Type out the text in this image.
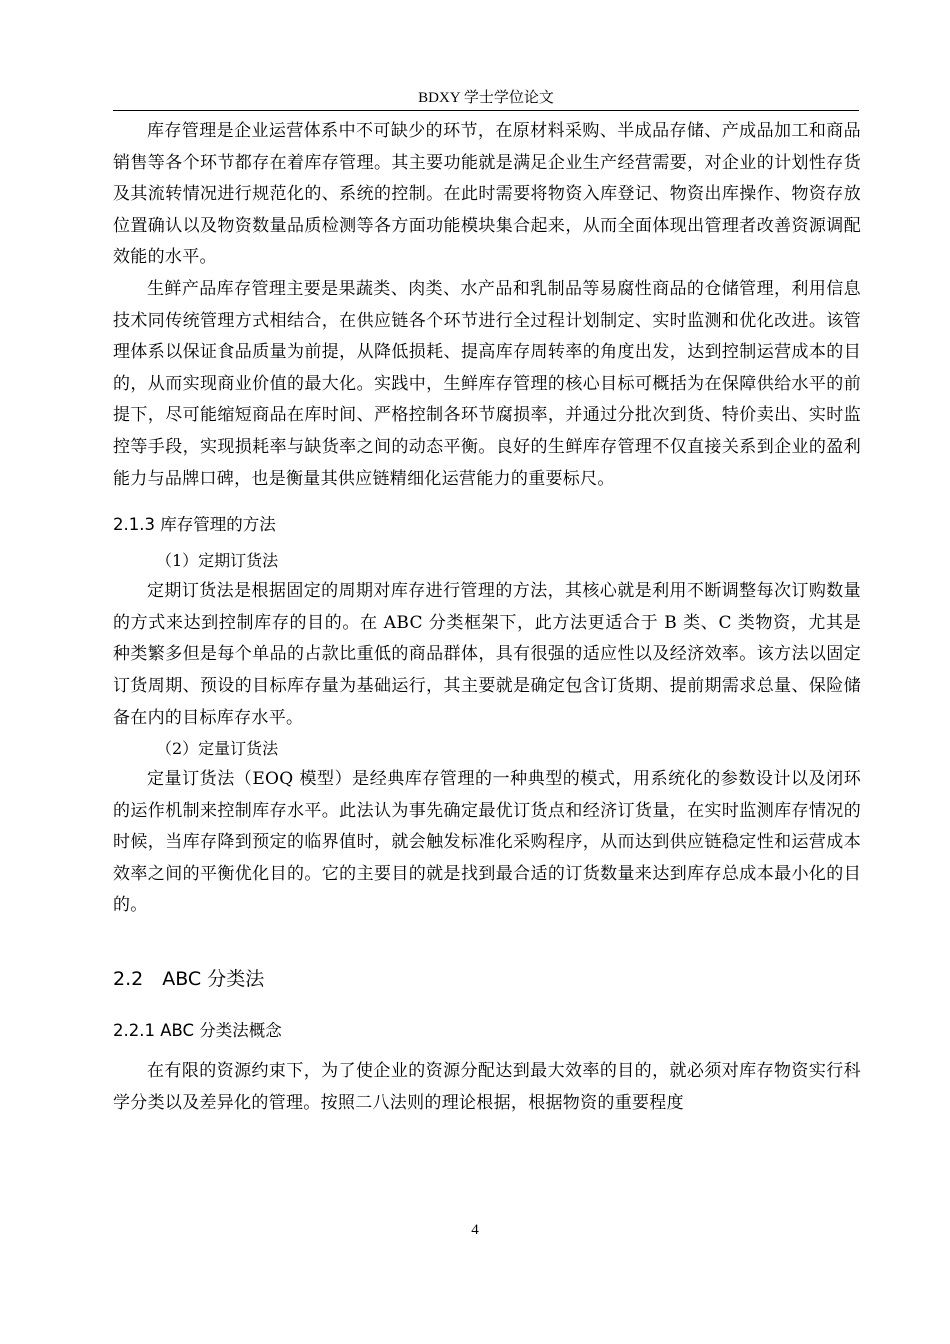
BDXY 学士学位论文

库存管理是企业运营体系中不可缺少的环节，在原材料采购、半成品存储、产成品加工和商品销售等各个环节都存在着库存管理。其主要功能就是满足企业生产经营需要，对企业的计划性存货及其流转情况进行规范化的、系统的控制。在此时需要将物资入库登记、物资出库操作、物资存放位置确认以及物资数量品质检测等各方面功能模块集合起来，从而全面体现出管理者改善资源调配效能的水平。

生鲜产品库存管理主要是果蔬类、肉类、水产品和乳制品等易腐性商品的仓储管理，利用信息技术同传统管理方式相结合，在供应链各个环节进行全过程计划制定、实时监测和优化改进。该管理体系以保证食品质量为前提，从降低损耗、提高库存周转率的角度出发，达到控制运营成本的目的，从而实现商业价值的最大化。实践中，生鲜库存管理的核心目标可概括为在保障供给水平的前提下，尽可能缩短商品在库时间、严格控制各环节腐损率，并通过分批次到货、特价卖出、实时监控等手段，实现损耗率与缺货率之间的动态平衡。良好的生鲜库存管理不仅直接关系到企业的盈利能力与品牌口碑，也是衡量其供应链精细化运营能力的重要标尺。

2.1.3 库存管理的方法

（1）定期订货法

定期订货法是根据固定的周期对库存进行管理的方法，其核心就是利用不断调整每次订购数量的方式来达到控制库存的目的。在 ABC 分类框架下，此方法更适合于 B 类、C 类物资，尤其是种类繁多但是每个单品的占款比重低的商品群体，具有很强的适应性以及经济效率。该方法以固定订货周期、预设的目标库存量为基础运行，其主要就是确定包含订货期、提前期需求总量、保险储备在内的目标库存水平。

（2）定量订货法

定量订货法（EOQ 模型）是经典库存管理的一种典型的模式，用系统化的参数设计以及闭环的运作机制来控制库存水平。此法认为事先确定最优订货点和经济订货量，在实时监测库存情况的时候，当库存降到预定的临界值时，就会触发标准化采购程序，从而达到供应链稳定性和运营成本效率之间的平衡优化目的。它的主要目的就是找到最合适的订货数量来达到库存总成本最小化的目的。

2.2　ABC 分类法
2.2.1 ABC 分类法概念

在有限的资源约束下，为了使企业的资源分配达到最大效率的目的，就必须对库存物资实行科学分类以及差异化的管理。按照二八法则的理论根据，根据物资的重要程度

4
